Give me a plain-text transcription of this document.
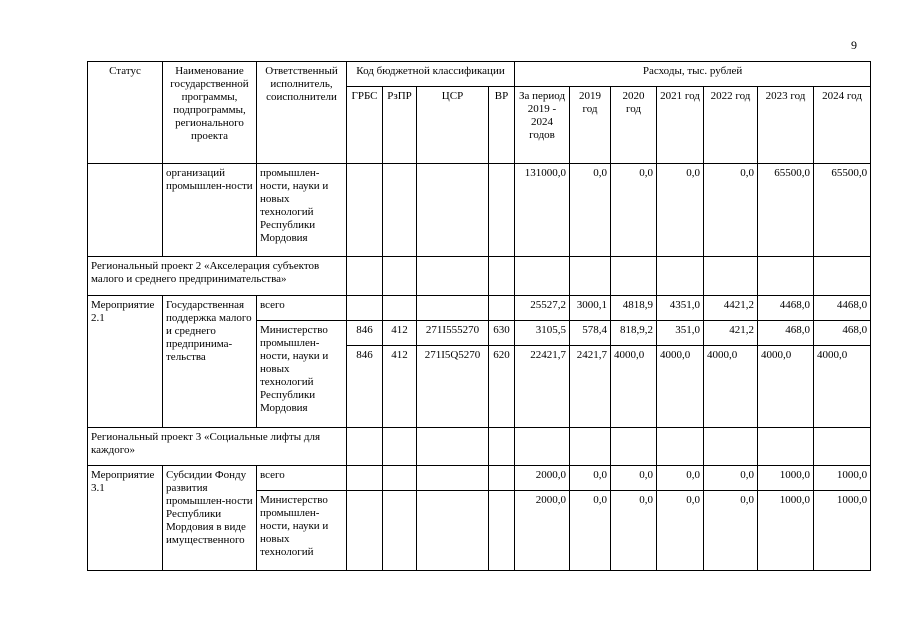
9
Статус	Наименование государственной программы, подпрограммы, регионального проекта	Ответственный исполнитель, соисполнители	Код бюджетной классификации				Расходы, тыс. рублей						
			ГРБС	РзПР	ЦСР	ВР	За период 2019 - 2024 годов	2019 год	2020 год	2021 год	2022 год	2023 год	2024 год
	организаций промышлен-ности	промышлен-ности, науки и новых технологий Республики Мордовия					131000,0	0,0	0,0	0,0	0,0	65500,0	65500,0
Региональный проект 2 «Акселерация субъектов малого и среднего предпринимательства»													
Мероприятие 2.1	Государственная поддержка малого и среднего предпринима-тельства	всего					25527,2	3000,1	4818,9	4351,0	4421,2	4468,0	4468,0
		Министерство промышлен-ности, науки и новых технологий Республики Мордовия	846	412	271I555270	630	3105,5	578,4	818,9,2	351,0	421,2	468,0	468,0
			846	412	271I5Q5270	620	22421,7	2421,7	4000,0	4000,0	4000,0	4000,0	4000,0
Региональный проект 3 «Социальные лифты для каждого»													
Мероприятие 3.1	Субсидии Фонду развития промышлен-ности Республики Мордовия в виде имущественного	всего					2000,0	0,0	0,0	0,0	0,0	1000,0	1000,0
		Министерство промышлен-ности, науки и новых технологий					2000,0	0,0	0,0	0,0	0,0	1000,0	1000,0
